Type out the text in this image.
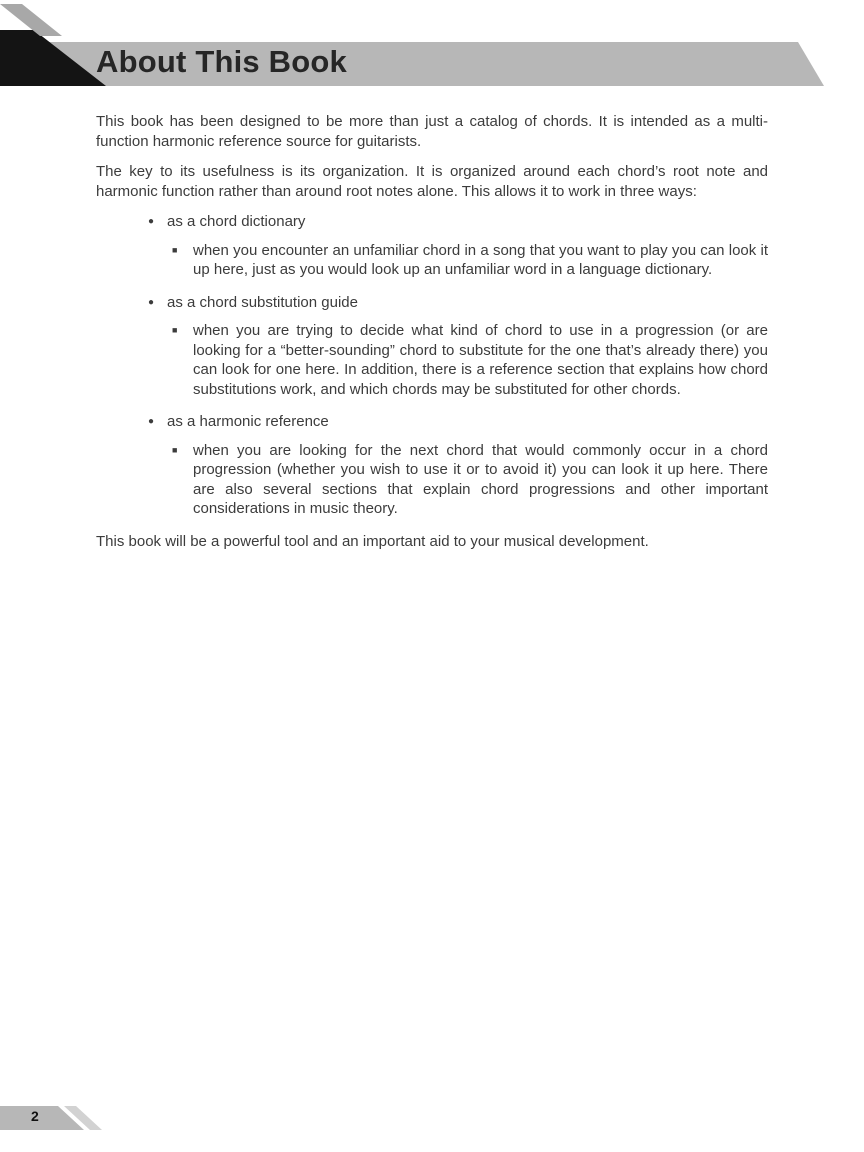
About This Book

This book has been designed to be more than just a catalog of chords. It is intended as a multi-function harmonic reference source for guitarists.

The key to its usefulness is its organization. It is organized around each chord’s root note and harmonic function rather than around root notes alone. This allows it to work in three ways:

● as a chord dictionary
■	when you encounter an unfamiliar chord in a song that you want to play you can look it up here, just as you would look up an unfamiliar word in a language dictionary.

● as a chord substitution guide
■	when you are trying to decide what kind of chord to use in a progression (or are looking for a “better-sounding” chord to substitute for the one that’s already there) you can look for one here. In addition, there is a reference section that explains how chord substitutions work, and which chords may be substituted for other chords.

● as a harmonic reference
■	when you are looking for the next chord that would commonly occur in a chord progression (whether you wish to use it or to avoid it) you can look it up here. There are also several sections that explain chord progressions and other important considerations in music theory.

This book will be a powerful tool and an important aid to your musical development.

2
